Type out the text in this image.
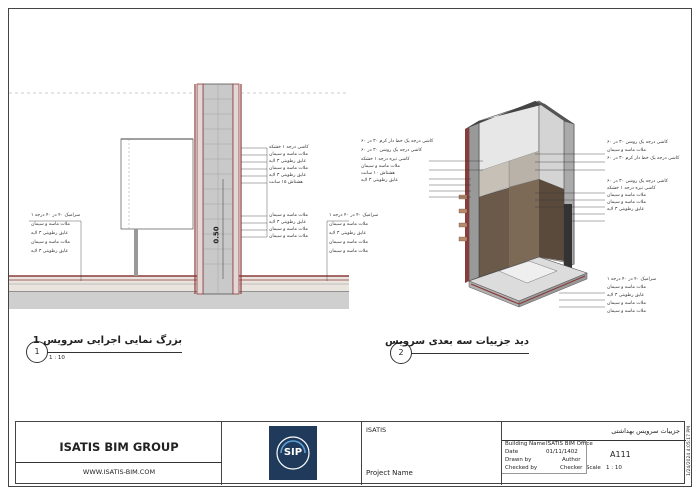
0.50
کاشی درجه ۱ خشکه
ملات ماسه و سیمان
عایق رطوبتی ۳ لایه
ملات ماسه و سیمان
عایق رطوبتی ۳ لایه
هشتاش ۱۵ سانت
ملات ماسه و سیمان
عایق رطوبتی ۳ لایه
ملات ماسه و سیمان
ملات ماسه و سیمان
سرامیک ۴۰ در ۴۰ درجه ۱
ملات ماسه و سیمان
عایق رطوبتی ۳ لایه
ملات ماسه و سیمان
عایق رطوبتی ۳ لایه
سرامیک ۴۰ در ۴۰ درجه ۱
ملات ماسه و سیمان
عایق رطوبتی ۳ لایه
ملات ماسه و سیمان
ملات ماسه و سیمان
1
بزرگ نمایی اجرایی سرویس 1
1 : 10
کاشی درجه یک خط دار کرم ۳۰ در ۶۰
کاشی درجه یک روشن ۳۰ در ۶۰
کاشی تیره درجه ۱ خشکه
ملات ماسه و سیمان
هشتاش ۱۰ سانت
عایق رطوبتی ۳ لایه
کاشی درجه یک روشن ۳۰ در ۶۰
ملات ماسه و سیمان
کاشی درجه یک خط دار کرم ۳۰ در ۶۰
کاشی درجه یک روشن ۳۰ در ۶۰
کاشی تیره درجه ۱ خشکه
ملات ماسه و سیمان
ملات ماسه و سیمان
عایق رطوبتی ۳ لایه
سرامیک ۴۰ در ۴۰ درجه ۱
ملات ماسه و سیمان
عایق رطوبتی ۳ لایه
ملات ماسه و سیمان
ملات ماسه و سیمان
2
دید جزییات سه بعدی سرویس
ISATIS BIM GROUP
WWW.ISATIS-BIM.COM
SIP
ISATIS
Project Name
جزییات سرویس بهداشتی
Building Name ISATIS BIM Office
Date	01/11/1402
Drawn by	Author
Checked by	Checker Scale 1 : 10
A111	1/24/2024 4:05:17 PM
